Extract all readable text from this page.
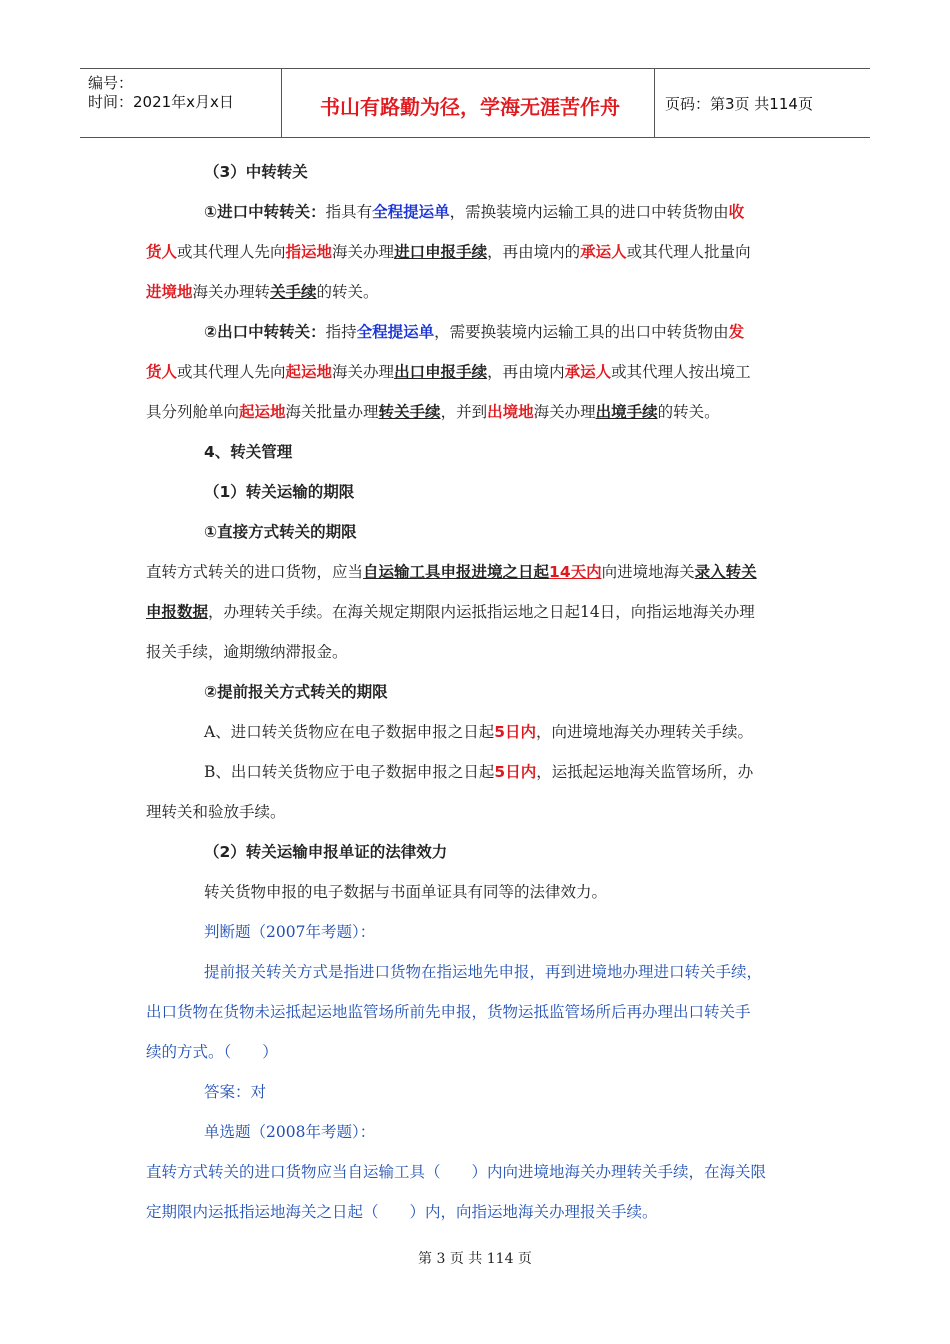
编号：
时间：2021年x月x日	书山有路勤为径，学海无涯苦作舟	页码：第3页 共114页
（3）中转转关
①进口中转转关：指具有全程提运单，需换装境内运输工具的进口中转货物由收
货人或其代理人先向指运地海关办理进口申报手续，再由境内的承运人或其代理人批量向
进境地海关办理转关手续的转关。
②出口中转转关：指持全程提运单，需要换装境内运输工具的出口中转货物由发
货人或其代理人先向起运地海关办理出口申报手续，再由境内承运人或其代理人按出境工
具分列舱单向起运地海关批量办理转关手续，并到出境地海关办理出境手续的转关。
4、转关管理
（1）转关运输的期限
①直接方式转关的期限
直转方式转关的进口货物，应当自运输工具申报进境之日起14天内向进境地海关录入转关
申报数据，办理转关手续。在海关规定期限内运抵指运地之日起14日，向指运地海关办理
报关手续，逾期缴纳滞报金。
②提前报关方式转关的期限
A、进口转关货物应在电子数据申报之日起5日内，向进境地海关办理转关手续。
B、出口转关货物应于电子数据申报之日起5日内，运抵起运地海关监管场所，办
理转关和验放手续。
（2）转关运输申报单证的法律效力
转关货物申报的电子数据与书面单证具有同等的法律效力。
判断题（2007年考题）：
提前报关转关方式是指进口货物在指运地先申报，再到进境地办理进口转关手续，
出口货物在货物未运抵起运地监管场所前先申报，货物运抵监管场所后再办理出口转关手
续的方式。（　　）
答案：对
单选题（2008年考题）：
直转方式转关的进口货物应当自运输工具（　　）内向进境地海关办理转关手续，在海关限
定期限内运抵指运地海关之日起（　　）内，向指运地海关办理报关手续。
第 3 页 共 114 页
